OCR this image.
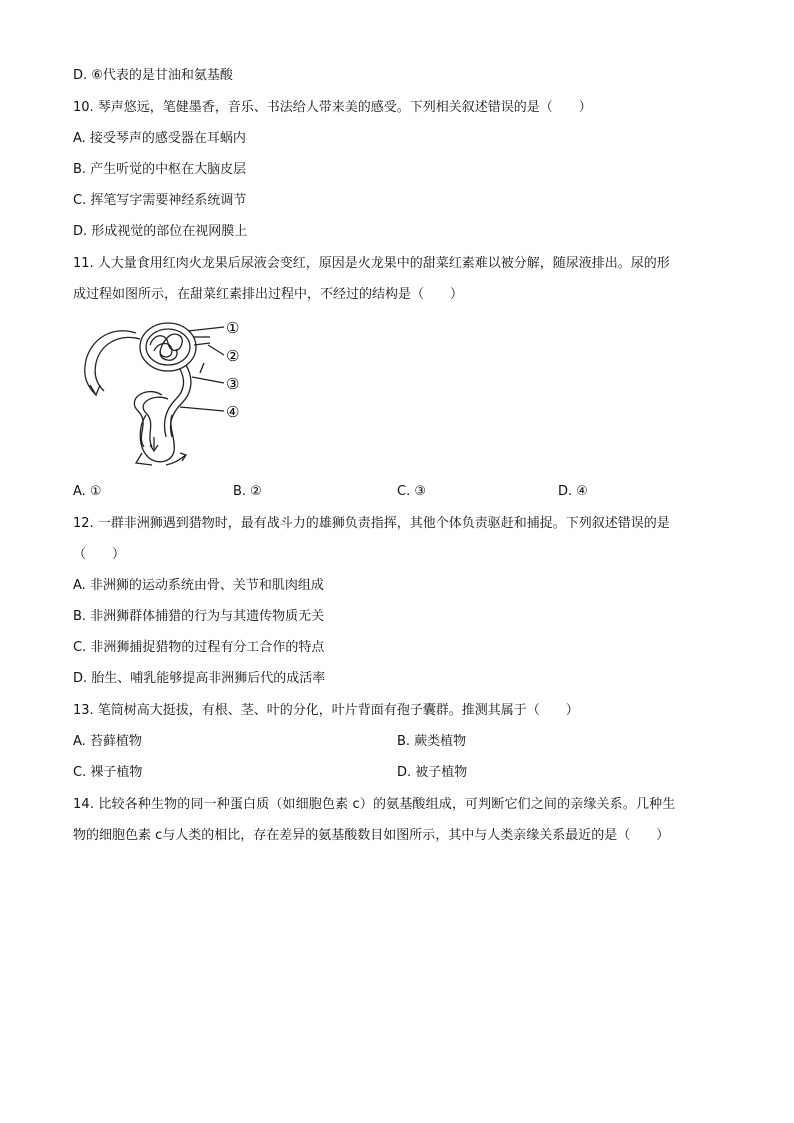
D. ⑥代表的是甘油和氨基酸
10. 琴声悠远，笔健墨香，音乐、书法给人带来美的感受。下列相关叙述错误的是（　　）
A. 接受琴声的感受器在耳蜗内
B. 产生听觉的中枢在大脑皮层
C. 挥笔写字需要神经系统调节
D. 形成视觉的部位在视网膜上
11. 人大量食用红肉火龙果后尿液会变红，原因是火龙果中的甜菜红素难以被分解，随尿液排出。尿的形
成过程如图所示，在甜菜红素排出过程中，不经过的结构是（　　）
①
②
③
④
A. ①	B. ②	C. ③	D. ④
12. 一群非洲狮遇到猎物时，最有战斗力的雄狮负责指挥，其他个体负责驱赶和捕捉。下列叙述错误的是
（　　）
A. 非洲狮的运动系统由骨、关节和肌肉组成
B. 非洲狮群体捕猎的行为与其遗传物质无关
C. 非洲狮捕捉猎物的过程有分工合作的特点
D. 胎生、哺乳能够提高非洲狮后代的成活率
13. 笔筒树高大挺拔，有根、茎、叶的分化，叶片背面有孢子囊群。推测其属于（　　）
A. 苔藓植物	B. 蕨类植物
C. 裸子植物	D. 被子植物
14. 比较各种生物的同一种蛋白质（如细胞色素 c）的氨基酸组成，可判断它们之间的亲缘关系。几种生
物的细胞色素 c与人类的相比，存在差异的氨基酸数目如图所示，其中与人类亲缘关系最近的是（　　）
